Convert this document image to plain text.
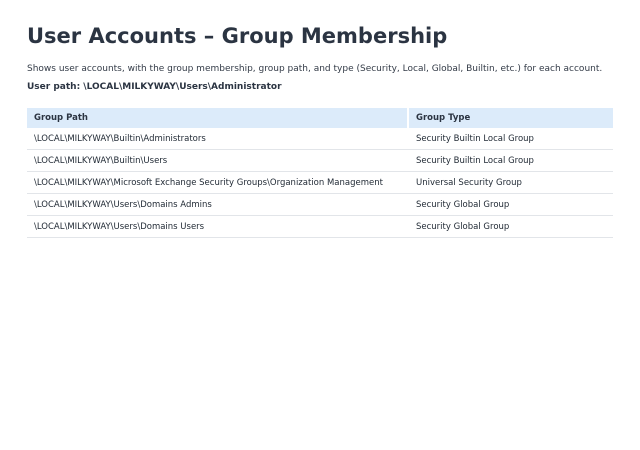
User Accounts – Group Membership

Shows user accounts, with the group membership, group path, and type (Security, Local, Global, Builtin, etc.) for each account.

User path: \LOCAL\MILKYWAY\Users\Administrator

Group Path	Group Type
\LOCAL\MILKYWAY\Builtin\Administrators	Security Builtin Local Group
\LOCAL\MILKYWAY\Builtin\Users	Security Builtin Local Group
\LOCAL\MILKYWAY\Microsoft Exchange Security Groups\Organization Management	Universal Security Group
\LOCAL\MILKYWAY\Users\Domains Admins	Security Global Group
\LOCAL\MILKYWAY\Users\Domains Users	Security Global Group
